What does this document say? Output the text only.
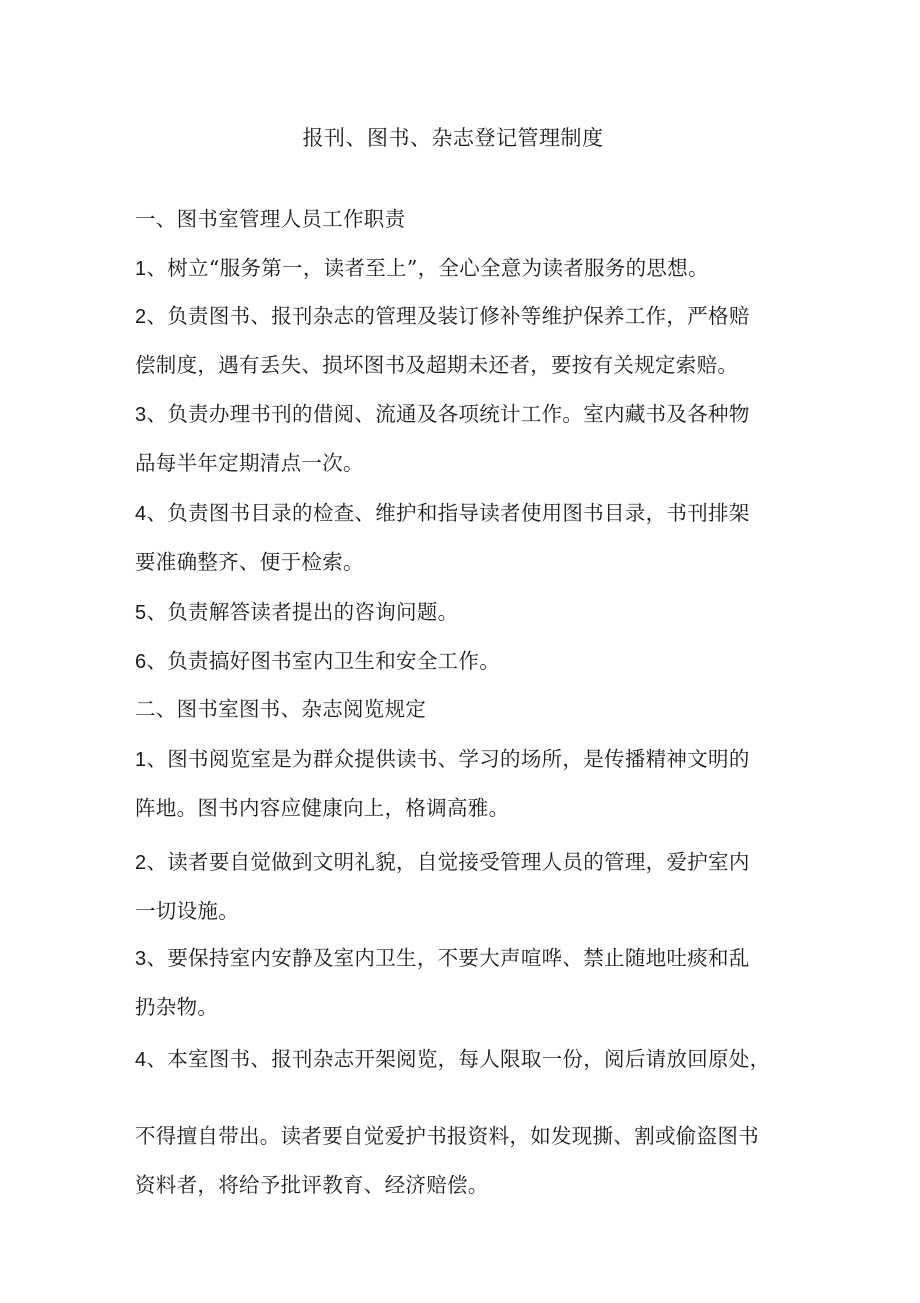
报刊、图书、杂志登记管理制度

一、图书室管理人员工作职责

1、树立“服务第一，读者至上”，全心全意为读者服务的思想。

2、负责图书、报刊杂志的管理及装订修补等维护保养工作，严格赔
偿制度，遇有丢失、损坏图书及超期未还者，要按有关规定索赔。

3、负责办理书刊的借阅、流通及各项统计工作。室内藏书及各种物
品每半年定期清点一次。

4、负责图书目录的检查、维护和指导读者使用图书目录，书刊排架
要准确整齐、便于检索。

5、负责解答读者提出的咨询问题。

6、负责搞好图书室内卫生和安全工作。

二、图书室图书、杂志阅览规定

1、图书阅览室是为群众提供读书、学习的场所，是传播精神文明的
阵地。图书内容应健康向上，格调高雅。

2、读者要自觉做到文明礼貌，自觉接受管理人员的管理，爱护室内
一切设施。

3、要保持室内安静及室内卫生，不要大声喧哗、禁止随地吐痰和乱
扔杂物。

4、本室图书、报刊杂志开架阅览，每人限取一份，阅后请放回原处，

不得擅自带出。读者要自觉爱护书报资料，如发现撕、割或偷盗图书
资料者，将给予批评教育、经济赔偿。
